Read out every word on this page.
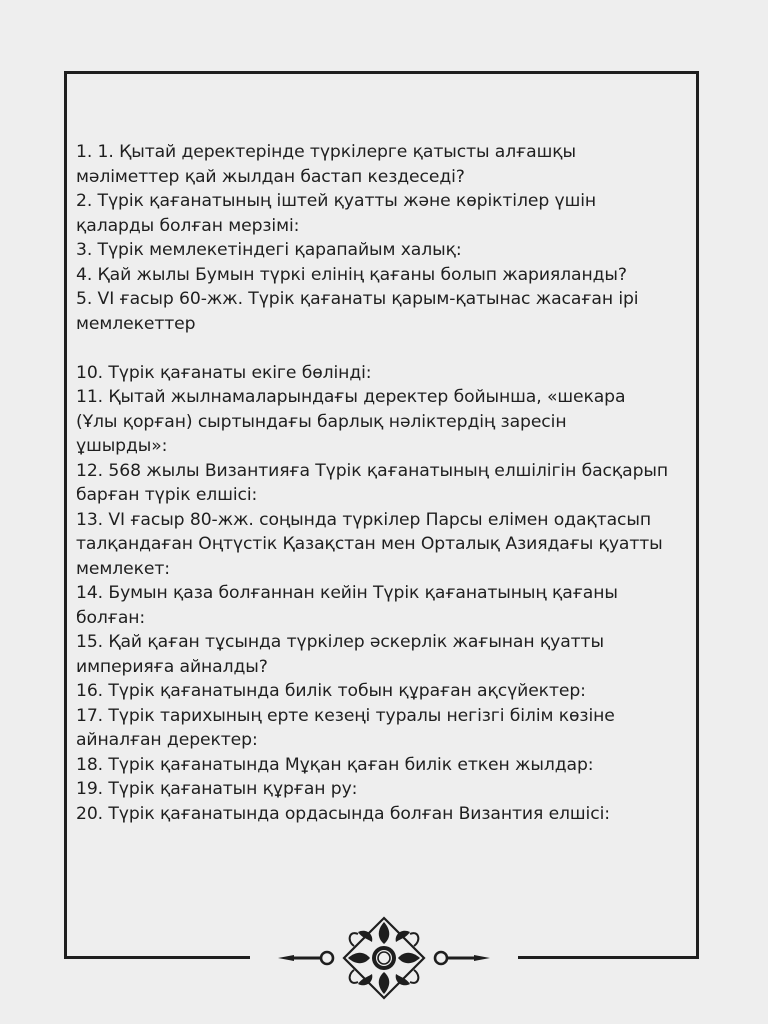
1. 1. Қытай деректерінде түркілерге қатысты алғашқы
мәліметтер қай жылдан бастап кездеседі?
2. Түрік қағанатының іштей қуатты және көріктілер үшін
қаларды болған мерзімі:
3. Түрік мемлекетіндегі қарапайым халық:
4. Қай жылы Бумын түркі елінің қағаны болып жарияланды?
5. VI ғасыр 60-жж. Түрік қағанаты қарым-қатынас жасаған ірі
мемлекеттер
10. Түрік қағанаты екіге бөлінді:
11. Қытай жылнамаларындағы деректер бойынша, «шекара
(Ұлы қорған) сыртындағы барлық нәліктердің заресін
ұшырды»:
12. 568 жылы Византияға Түрік қағанатының елшілігін басқарып
барған түрік елшісі:
13. VI ғасыр 80-жж. соңында түркілер Парсы елімен одақтасып
талқандаған Оңтүстік Қазақстан мен Орталық Азиядағы қуатты
мемлекет:
14. Бумын қаза болғаннан кейін Түрік қағанатының қағаны
болған:
15. Қай қаған тұсында түркілер әскерлік жағынан қуатты
империяға айналды?
16. Түрік қағанатында билік тобын құраған ақсүйектер:
17. Түрік тарихының ерте кезеңі туралы негізгі білім көзіне
айналған деректер:
18. Түрік қағанатында Мұқан қаған билік еткен жылдар:
19. Түрік қағанатын құрған ру:
20. Түрік қағанатында ордасында болған Византия елшісі:
